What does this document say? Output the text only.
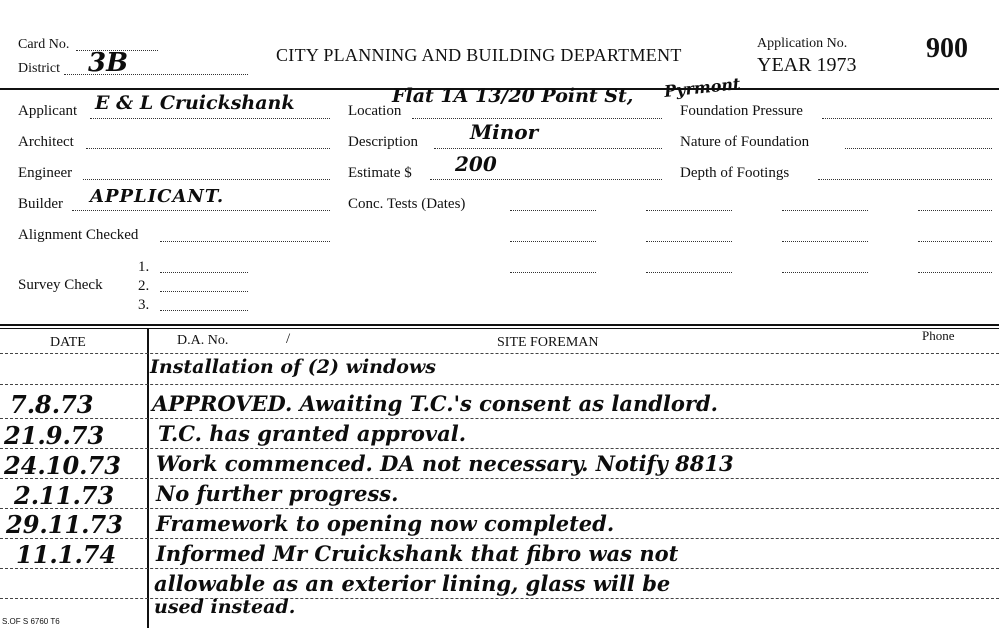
Card No.
District 3B	CITY PLANNING AND BUILDING DEPARTMENT
Application No.
YEAR 1973
900
Applicant E & L Cruickshank
Architect
Engineer
Builder APPLICANT.
Alignment Checked
Survey Check
1.
2.
3.
Location
Flat 1A 13/20 Point St, Pyrmont
Description	Minor
Estimate $ 200
Conc. Tests (Dates)
Foundation Pressure
Nature of Foundation
Depth of Footings
DATE	D.A. No.	/	SITE FOREMAN	Phone
Installation of (2) windows
7.8.73	APPROVED. Awaiting T.C.'s consent as landlord.
21.9.73	T.C. has granted approval.
24.10.73 Work commenced. DA not necessary. Notify 8813
2.11.73 No further progress.
29.11.73 Framework to opening now completed.
11.1.74 Informed Mr Cruickshank that fibro was not
allowable as an exterior lining, glass will be
used instead.
S.OF S 6760 T6
